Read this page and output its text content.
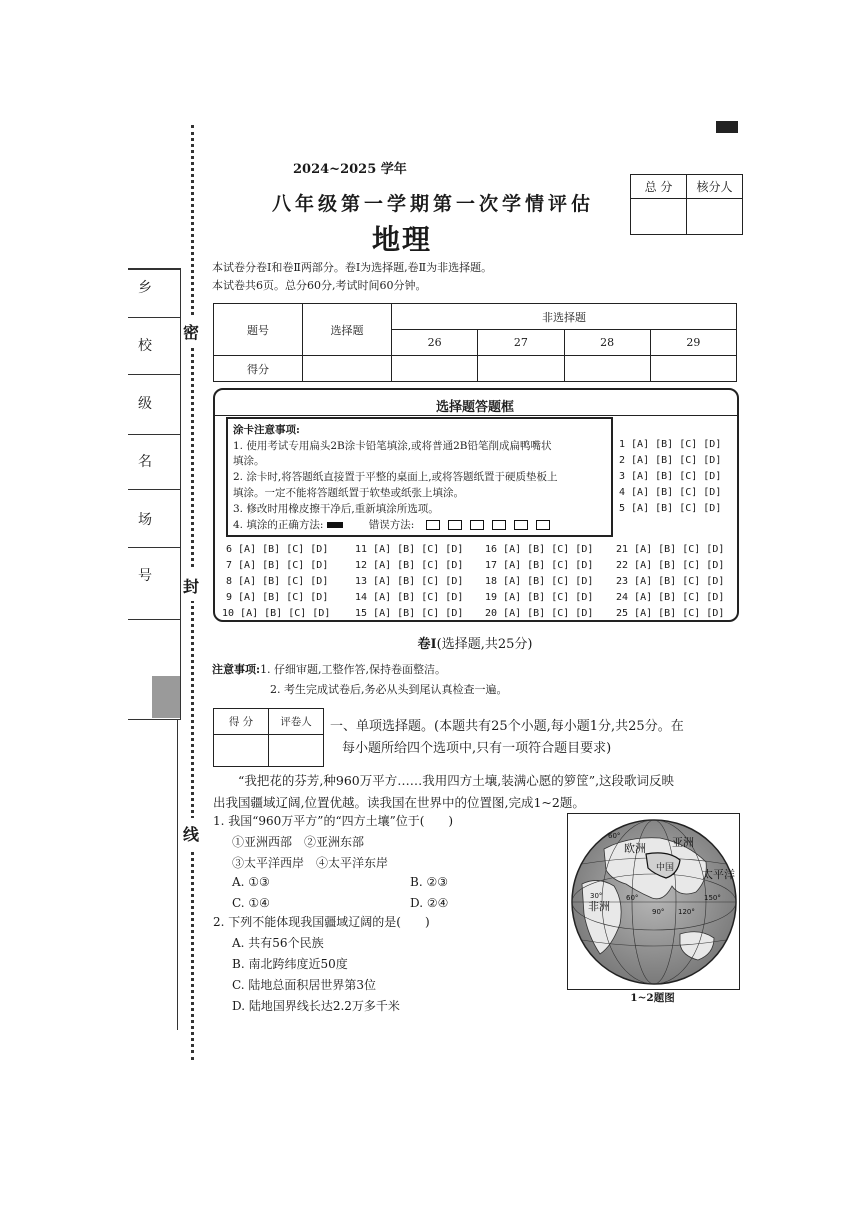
乡
校
级
名
场
号
密
封
线
2024~2025 学年
八年级第一学期第一次学情评估
地理
总 分	核分人

本试卷分卷Ⅰ和卷Ⅱ两部分。卷Ⅰ为选择题,卷Ⅱ为非选择题。
本试卷共6页。总分60分,考试时间60分钟。
题号	选择题	非选择题			
		26	27	28	29
得分					
选择题答题框
涂卡注意事项:
1. 使用考试专用扁头2B涂卡铅笔填涂,或将普通2B铅笔削成扁鸭嘴状
填涂。
2. 涂卡时,将答题纸直接置于平整的桌面上,或将答题纸置于硬质垫板上
填涂。一定不能将答题纸置于软垫或纸张上填涂。
3. 修改时用橡皮擦干净后,重新填涂所选项。
4. 填涂的正确方法:	错误方法:
1 [A] [B] [C] [D]
2 [A] [B] [C] [D]
3 [A] [B] [C] [D]
4 [A] [B] [C] [D]
5 [A] [B] [C] [D]
6 [A] [B] [C] [D]
7 [A] [B] [C] [D]
8 [A] [B] [C] [D]
9 [A] [B] [C] [D]
10 [A] [B] [C] [D]
11 [A] [B] [C] [D]
12 [A] [B] [C] [D]
13 [A] [B] [C] [D]
14 [A] [B] [C] [D]
15 [A] [B] [C] [D]
16 [A] [B] [C] [D]
17 [A] [B] [C] [D]
18 [A] [B] [C] [D]
19 [A] [B] [C] [D]
20 [A] [B] [C] [D]
21 [A] [B] [C] [D]
22 [A] [B] [C] [D]
23 [A] [B] [C] [D]
24 [A] [B] [C] [D]
25 [A] [B] [C] [D]
卷Ⅰ(选择题,共25分)
注意事项:1. 仔细审题,工整作答,保持卷面整洁。
2. 考生完成试卷后,务必从头到尾认真检查一遍。
得 分	评卷人
	一、单项选择题。(本题共有25个小题,每小题1分,共25分。在
每小题所给四个选项中,只有一项符合题目要求)
“我把花的芬芳,种960万平方……我用四方土壤,装满心愿的箩筐”,这段歌词反映
出我国疆域辽阔,位置优越。读我国在世界中的位置图,完成1~2题。
1. 我国“960万平方”的“四方土壤”位于(　　)
①亚洲西部　②亚洲东部
③太平洋西岸　④太平洋东岸
A. ①③	B. ②③
C. ①④	D. ②④
2. 下列不能体现我国疆域辽阔的是(　　)
A. 共有56个民族
B. 南北跨纬度近50度
C. 陆地总面积居世界第3位
D. 陆地国界线长达2.2万多千米
欧洲 亚洲
中国
非洲
太平洋
60°
30°	60°
90° 120°
150°
1~2题图
